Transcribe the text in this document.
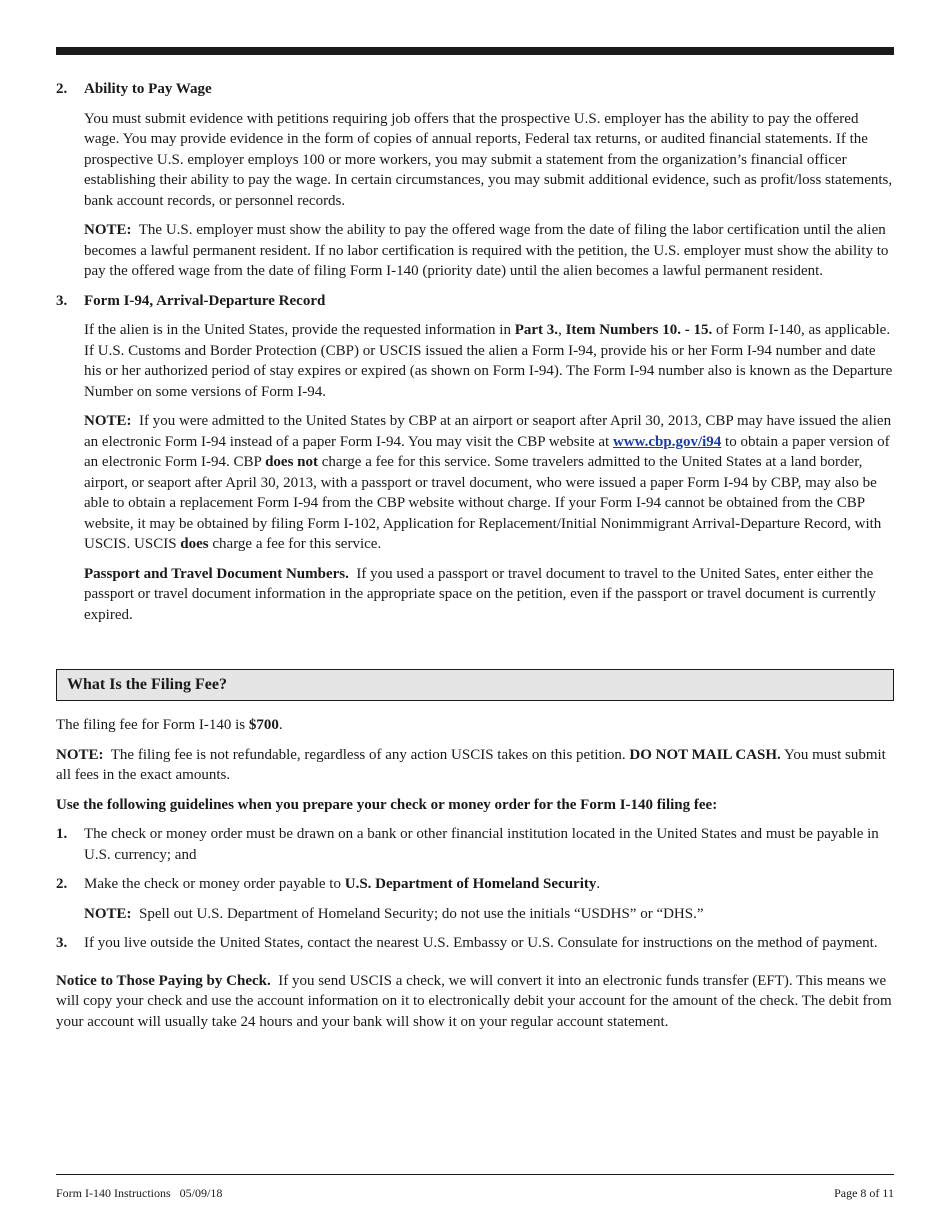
2. Ability to Pay Wage

You must submit evidence with petitions requiring job offers that the prospective U.S. employer has the ability to pay the offered wage. You may provide evidence in the form of copies of annual reports, Federal tax returns, or audited financial statements. If the prospective U.S. employer employs 100 or more workers, you may submit a statement from the organization’s financial officer establishing their ability to pay the wage. In certain circumstances, you may submit additional evidence, such as profit/loss statements, bank account records, or personnel records.

NOTE: The U.S. employer must show the ability to pay the offered wage from the date of filing the labor certification until the alien becomes a lawful permanent resident. If no labor certification is required with the petition, the U.S. employer must show the ability to pay the offered wage from the date of filing Form I-140 (priority date) until the alien becomes a lawful permanent resident.

3. Form I-94, Arrival-Departure Record

If the alien is in the United States, provide the requested information in Part 3., Item Numbers 10. - 15. of Form I-140, as applicable. If U.S. Customs and Border Protection (CBP) or USCIS issued the alien a Form I-94, provide his or her Form I-94 number and date his or her authorized period of stay expires or expired (as shown on Form I-94). The Form I-94 number also is known as the Departure Number on some versions of Form I-94.

NOTE: If you were admitted to the United States by CBP at an airport or seaport after April 30, 2013, CBP may have issued the alien an electronic Form I-94 instead of a paper Form I-94. You may visit the CBP website at www.cbp.gov/i94 to obtain a paper version of an electronic Form I-94. CBP does not charge a fee for this service. Some travelers admitted to the United States at a land border, airport, or seaport after April 30, 2013, with a passport or travel document, who were issued a paper Form I-94 by CBP, may also be able to obtain a replacement Form I-94 from the CBP website without charge. If your Form I-94 cannot be obtained from the CBP website, it may be obtained by filing Form I-102, Application for Replacement/Initial Nonimmigrant Arrival-Departure Record, with USCIS. USCIS does charge a fee for this service.

Passport and Travel Document Numbers. If you used a passport or travel document to travel to the United Sates, enter either the passport or travel document information in the appropriate space on the petition, even if the passport or travel document is currently expired.

What Is the Filing Fee?

The filing fee for Form I-140 is $700.

NOTE: The filing fee is not refundable, regardless of any action USCIS takes on this petition. DO NOT MAIL CASH. You must submit all fees in the exact amounts.

Use the following guidelines when you prepare your check or money order for the Form I-140 filing fee:

1. The check or money order must be drawn on a bank or other financial institution located in the United States and must be payable in U.S. currency; and

2. Make the check or money order payable to U.S. Department of Homeland Security.

NOTE: Spell out U.S. Department of Homeland Security; do not use the initials “USDHS” or “DHS.”

3. If you live outside the United States, contact the nearest U.S. Embassy or U.S. Consulate for instructions on the method of payment.

Notice to Those Paying by Check. If you send USCIS a check, we will convert it into an electronic funds transfer (EFT). This means we will copy your check and use the account information on it to electronically debit your account for the amount of the check. The debit from your account will usually take 24 hours and your bank will show it on your regular account statement.

Form I-140 Instructions   05/09/18	Page 8 of 11
